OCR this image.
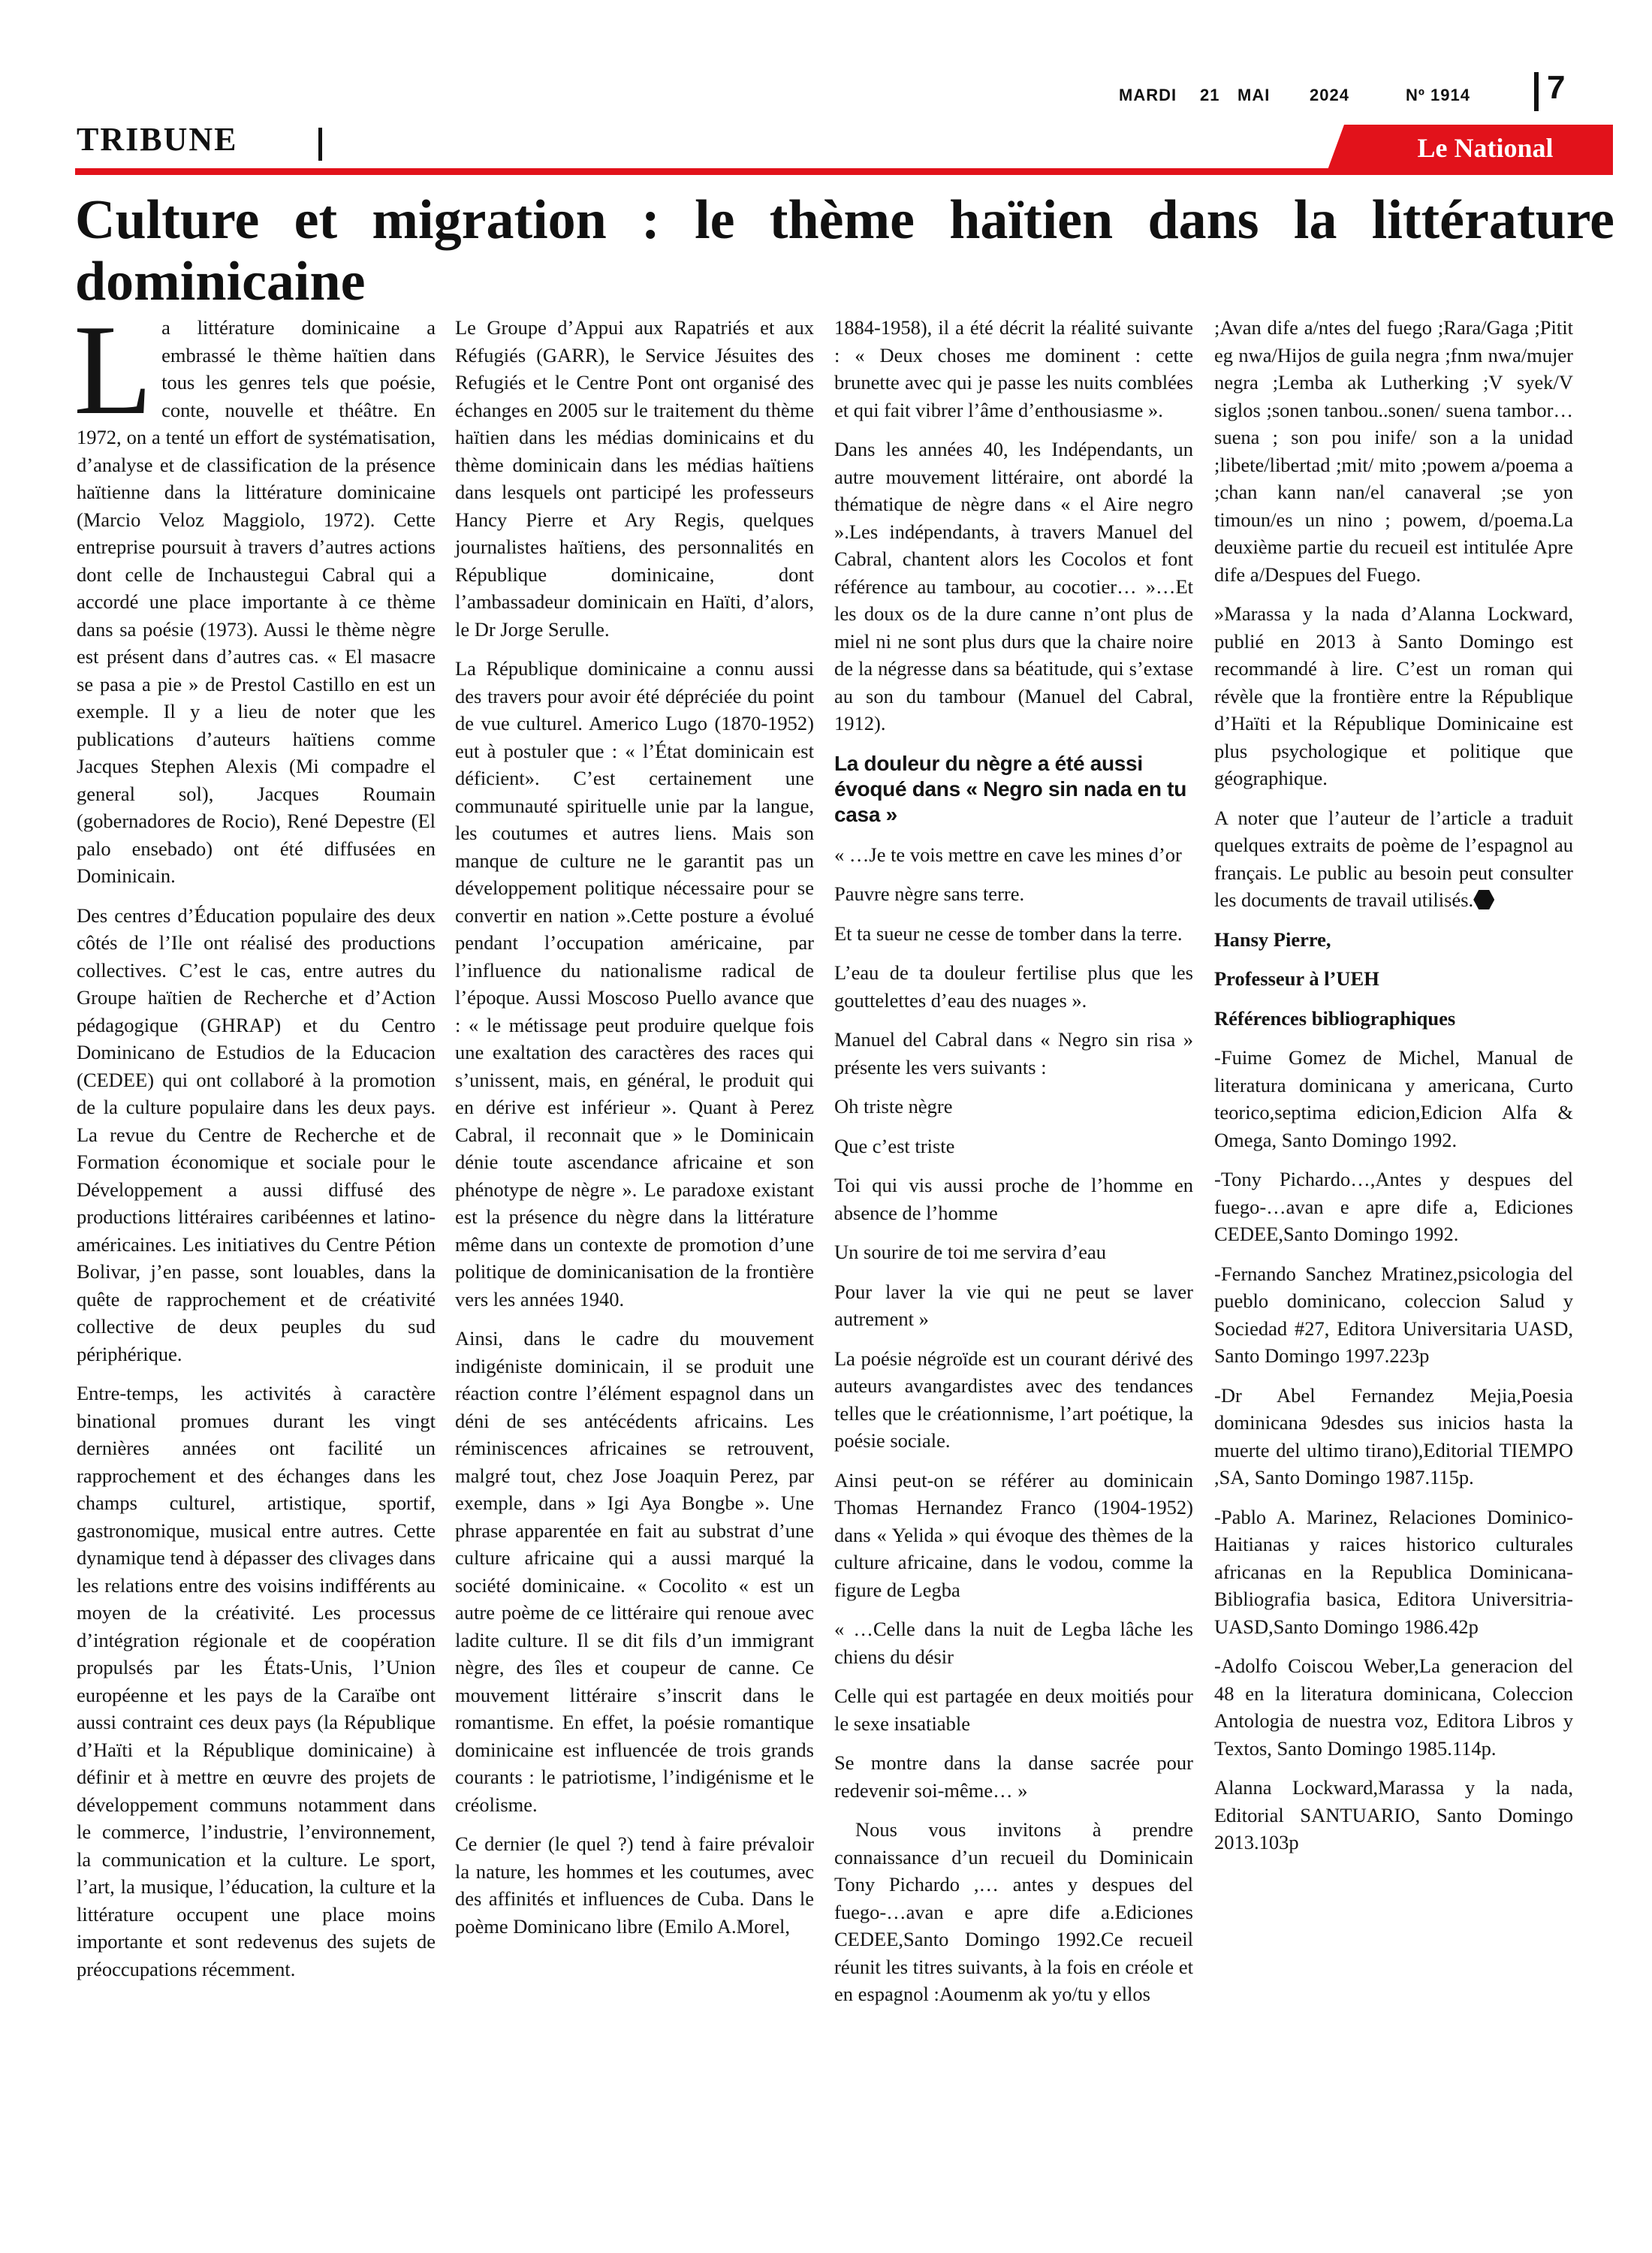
MARDI 21 MAI 2024	Nº 1914 7
TRIBUNE	Le National
Culture et migration : le thème haïtien dans la littérature dominicaine

La littérature dominicaine a embrassé le thème haïtien dans tous les genres tels que poésie, conte, nouvelle et théâtre. En 1972, on a tenté un effort de systématisation, d’analyse et de classification de la présence haïtienne dans la littérature dominicaine (Marcio Veloz Maggiolo, 1972). Cette entreprise poursuit à travers d’autres actions dont celle de Inchaustegui Cabral qui a accordé une place importante à ce thème dans sa poésie (1973). Aussi le thème nègre est présent dans d’autres cas. « El masacre se pasa a pie » de Prestol Castillo en est un exemple. Il y a lieu de noter que les publications d’auteurs haïtiens comme Jacques Stephen Alexis (Mi compadre el general sol), Jacques Roumain (gobernadores de Rocio), René Depestre (El palo ensebado) ont été diffusées en Dominicain.

Des centres d’Éducation populaire des deux côtés de l’Ile ont réalisé des productions collectives. C’est le cas, entre autres du Groupe haïtien de Recherche et d’Action pédagogique (GHRAP) et du Centro Dominicano de Estudios de la Educacion (CEDEE) qui ont collaboré à la promotion de la culture populaire dans les deux pays. La revue du Centre de Recherche et de Formation économique et sociale pour le Développement a aussi diffusé des productions littéraires caribéennes et latino-américaines. Les initiatives du Centre Pétion Bolivar, j’en passe, sont louables, dans la quête de rapprochement et de créativité collective de deux peuples du sud périphérique.

Entre-temps, les activités à caractère binational promues durant les vingt dernières années ont facilité un rapprochement et des échanges dans les champs culturel, artistique, sportif, gastronomique, musical entre autres. Cette dynamique tend à dépasser des clivages dans les relations entre des voisins indifférents au moyen de la créativité. Les processus d’intégration régionale et de coopération propulsés par les États-Unis, l’Union européenne et les pays de la Caraïbe ont aussi contraint ces deux pays (la République d’Haïti et la République dominicaine) à définir et à mettre en œuvre des projets de développement communs notamment dans le commerce, l’industrie, l’environnement, la communication et la culture. Le sport, l’art, la musique, l’éducation, la culture et la littérature occupent une place moins importante et sont redevenus des sujets de préoccupations récemment.

Le Groupe d’Appui aux Rapatriés et aux Réfugiés (GARR), le Service Jésuites des Refugiés et le Centre Pont ont organisé des échanges en 2005 sur le traitement du thème haïtien dans les médias dominicains et du thème dominicain dans les médias haïtiens dans lesquels ont participé les professeurs Hancy Pierre et Ary Regis, quelques journalistes haïtiens, des personnalités en République dominicaine, dont l’ambassadeur dominicain en Haïti, d’alors, le Dr Jorge Serulle.

La République dominicaine a connu aussi des travers pour avoir été dépréciée du point de vue culturel. Americo Lugo (1870-1952) eut à postuler que : « l’État dominicain est déficient». C’est certainement une communauté spirituelle unie par la langue, les coutumes et autres liens. Mais son manque de culture ne le garantit pas un développement politique nécessaire pour se convertir en nation ».Cette posture a évolué pendant l’occupation américaine, par l’influence du nationalisme radical de l’époque. Aussi Moscoso Puello avance que : « le métissage peut produire quelque fois une exaltation des caractères des races qui s’unissent, mais, en général, le produit qui en dérive est inférieur ». Quant à Perez Cabral, il reconnait que » le Dominicain dénie toute ascendance africaine et son phénotype de nègre ». Le paradoxe existant est la présence du nègre dans la littérature même dans un contexte de promotion d’une politique de dominicanisation de la frontière vers les années 1940.

Ainsi, dans le cadre du mouvement indigéniste dominicain, il se produit une réaction contre l’élément espagnol dans un déni de ses antécédents africains. Les réminiscences africaines se retrouvent, malgré tout, chez Jose Joaquin Perez, par exemple, dans » Igi Aya Bongbe ». Une phrase apparentée en fait au substrat d’une culture africaine qui a aussi marqué la société dominicaine. « Cocolito « est un autre poème de ce littéraire qui renoue avec ladite culture. Il se dit fils d’un immigrant nègre, des îles et coupeur de canne. Ce mouvement littéraire s’inscrit dans le romantisme. En effet, la poésie romantique dominicaine est influencée de trois grands courants : le patriotisme, l’indigénisme et le créolisme.

Ce dernier (le quel ?) tend à faire prévaloir la nature, les hommes et les coutumes, avec des affinités et influences de Cuba. Dans le poème Dominicano libre (Emilo A.Morel,

1884-1958), il a été décrit la réalité suivante : « Deux choses me dominent : cette brunette avec qui je passe les nuits comblées et qui fait vibrer l’âme d’enthousiasme ».

Dans les années 40, les Indépendants, un autre mouvement littéraire, ont abordé la thématique de nègre dans « el Aire negro ».Les indépendants, à travers Manuel del Cabral, chantent alors les Cocolos et font référence au tambour, au cocotier… »…Et les doux os de la dure canne n’ont plus de miel ni ne sont plus durs que la chaire noire de la négresse dans sa béatitude, qui s’extase au son du tambour (Manuel del Cabral, 1912).

La douleur du nègre a été aussi évoqué dans « Negro sin nada en tu casa »

« …Je te vois mettre en cave les mines d’or

Pauvre nègre sans terre.

Et ta sueur ne cesse de tomber dans la terre.

L’eau de ta douleur fertilise plus que les gouttelettes d’eau des nuages ».

Manuel del Cabral dans « Negro sin risa » présente les vers suivants :

Oh triste nègre

Que c’est triste

Toi qui vis aussi proche de l’homme en absence de l’homme

Un sourire de toi me servira d’eau

Pour laver la vie qui ne peut se laver autrement »

La poésie négroïde est un courant dérivé des auteurs avangardistes avec des tendances telles que le créationnisme, l’art poétique, la poésie sociale.

Ainsi peut-on se référer au dominicain Thomas Hernandez Franco (1904-1952) dans « Yelida » qui évoque des thèmes de la culture africaine, dans le vodou, comme la figure de Legba

« …Celle dans la nuit de Legba lâche les chiens du désir

Celle qui est partagée en deux moitiés pour le sexe insatiable

Se montre dans la danse sacrée pour redevenir soi-même… »

Nous vous invitons à prendre connaissance d’un recueil du Dominicain Tony Pichardo ,… antes y despues del fuego-…avan e apre dife a.Ediciones CEDEE,Santo Domingo 1992.Ce recueil réunit les titres suivants, à la fois en créole et en espagnol :Aoumenm ak yo/tu y ellos

;Avan dife a/ntes del fuego ;Rara/Gaga ;Pitit eg nwa/Hijos de guila negra ;fnm nwa/mujer negra ;Lemba ak Lutherking ;V syek/V siglos ;sonen tanbou..sonen/ suena tambor…suena ; son pou inife/ son a la unidad ;libete/libertad ;mit/ mito ;powem a/poema a ;chan kann nan/el canaveral ;se yon timoun/es un nino ; powem, d/poema.La deuxième partie du recueil est intitulée Apre dife a/Despues del Fuego.

»Marassa y la nada d’Alanna Lockward, publié en 2013 à Santo Domingo est recommandé à lire. C’est un roman qui révèle que la frontière entre la République d’Haïti et la République Dominicaine est plus psychologique et politique que géographique.

A noter que l’auteur de l’article a traduit quelques extraits de poème de l’espagnol au français. Le public au besoin peut consulter les documents de travail utilisés.

Hansy Pierre,

Professeur à l’UEH

Références bibliographiques

-Fuime Gomez de Michel, Manual de literatura dominicana y americana, Curto teorico,septima edicion,Edicion Alfa & Omega, Santo Domingo 1992.

-Tony Pichardo…,Antes y despues del fuego-…avan e apre dife a, Ediciones CEDEE,Santo Domingo 1992.

-Fernando Sanchez Mratinez,psicologia del pueblo dominicano, coleccion Salud y Sociedad #27, Editora Universitaria UASD, Santo Domingo 1997.223p

-Dr Abel Fernandez Mejia,Poesia dominicana 9desdes sus inicios hasta la muerte del ultimo tirano),Editorial TIEMPO ,SA, Santo Domingo 1987.115p.

-Pablo A. Marinez, Relaciones Dominico-Haitianas y raices historico culturales africanas en la Republica Dominicana-Bibliografia basica, Editora Universitria-UASD,Santo Domingo 1986.42p

-Adolfo Coiscou Weber,La generacion del 48 en la literatura dominicana, Coleccion Antologia de nuestra voz, Editora Libros y Textos, Santo Domingo 1985.114p.

Alanna Lockward,Marassa y la nada, Editorial SANTUARIO, Santo Domingo 2013.103p
